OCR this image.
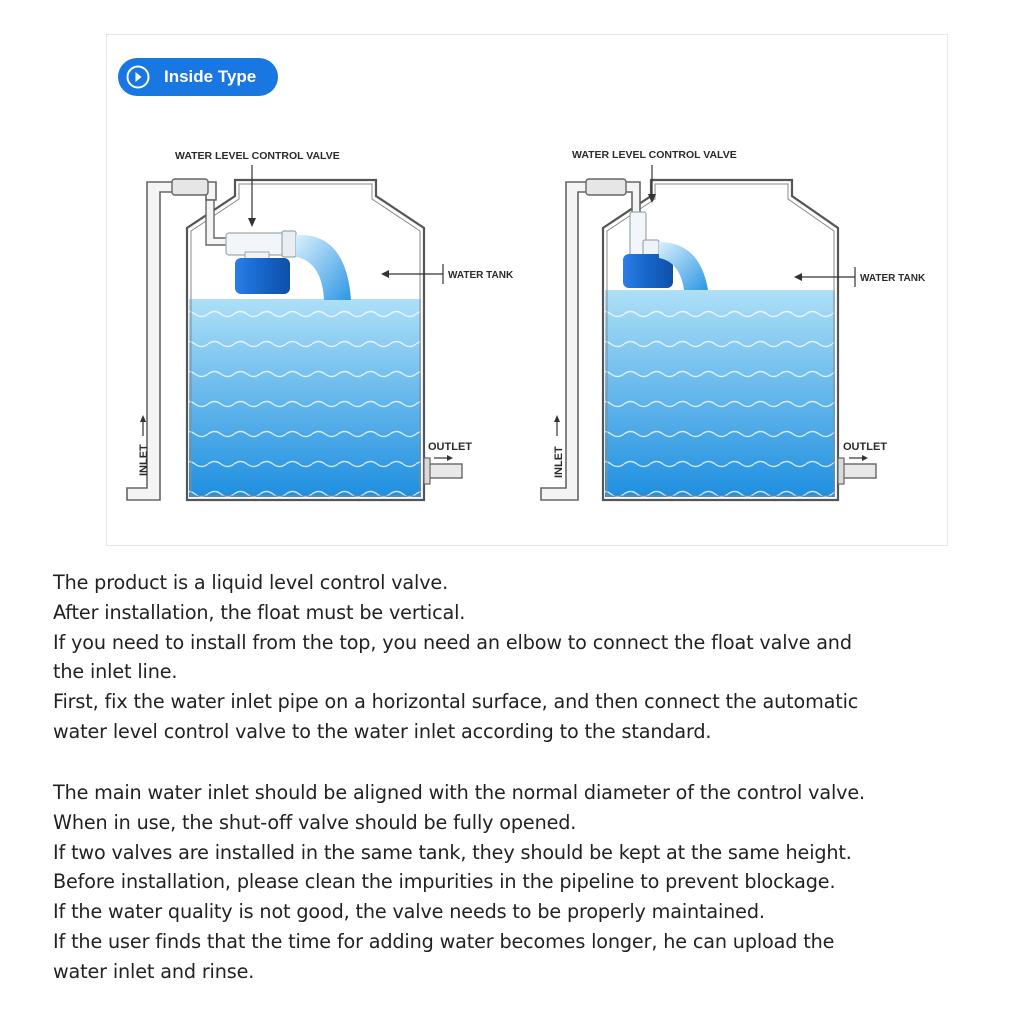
Inside Type
WATER LEVEL CONTROL VALVE
WATER TANK
OUTLET
INLET
WATER LEVEL CONTROL VALVE
WATER TANK
OUTLET
INLET

The product is a liquid level control valve.

After installation, the float must be vertical.

If you need to install from the top, you need an elbow to connect the float valve and

the inlet line.

First, fix the water inlet pipe on a horizontal surface, and then connect the automatic

water level control valve to the water inlet according to the standard.

The main water inlet should be aligned with the normal diameter of the control valve.

When in use, the shut-off valve should be fully opened.

If two valves are installed in the same tank, they should be kept at the same height.

Before installation, please clean the impurities in the pipeline to prevent blockage.

If the water quality is not good, the valve needs to be properly maintained.

If the user finds that the time for adding water becomes longer, he can upload the

water inlet and rinse.
